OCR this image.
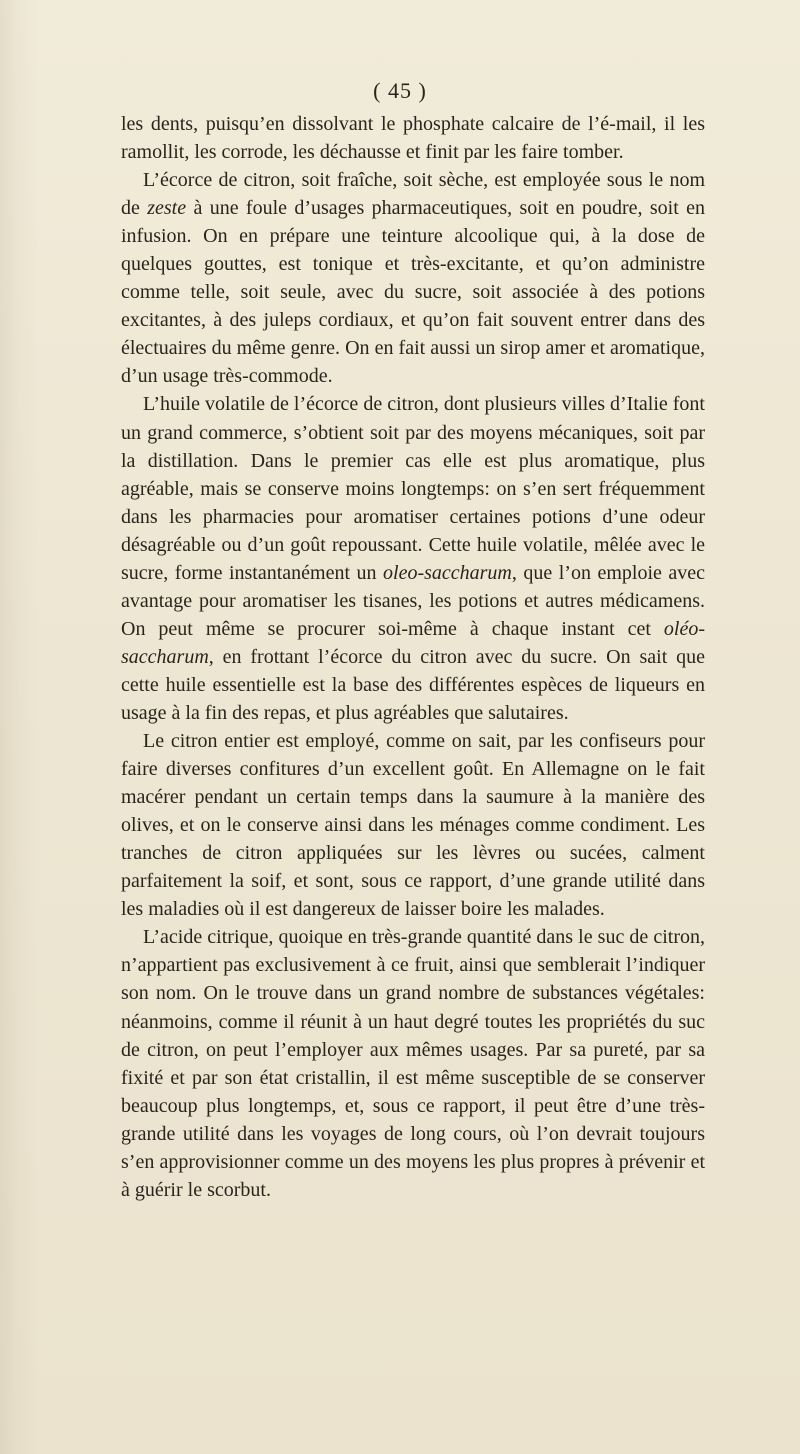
( 45 )

les dents, puisqu’en dissolvant le phosphate calcaire de l’é-mail, il les ramollit, les corrode, les déchausse et finit par les faire tomber.

L’écorce de citron, soit fraîche, soit sèche, est employée sous le nom de zeste à une foule d’usages pharmaceutiques, soit en poudre, soit en infusion. On en prépare une teinture alcoolique qui, à la dose de quelques gouttes, est tonique et très-excitante, et qu’on administre comme telle, soit seule, avec du sucre, soit associée à des potions excitantes, à des juleps cordiaux, et qu’on fait souvent entrer dans des électuaires du même genre. On en fait aussi un sirop amer et aromatique, d’un usage très-commode.

L’huile volatile de l’écorce de citron, dont plusieurs villes d’Italie font un grand commerce, s’obtient soit par des moyens mécaniques, soit par la distillation. Dans le premier cas elle est plus aromatique, plus agréable, mais se conserve moins longtemps: on s’en sert fréquemment dans les pharmacies pour aromatiser certaines potions d’une odeur désagréable ou d’un goût repoussant. Cette huile volatile, mêlée avec le sucre, forme instantanément un oleo-saccharum, que l’on emploie avec avantage pour aromatiser les tisanes, les potions et autres médicamens. On peut même se procurer soi-même à chaque instant cet oléo-saccharum, en frottant l’écorce du citron avec du sucre. On sait que cette huile essentielle est la base des différentes espèces de liqueurs en usage à la fin des repas, et plus agréables que salutaires.

Le citron entier est employé, comme on sait, par les confiseurs pour faire diverses confitures d’un excellent goût. En Allemagne on le fait macérer pendant un certain temps dans la saumure à la manière des olives, et on le conserve ainsi dans les ménages comme condiment. Les tranches de citron appliquées sur les lèvres ou sucées, calment parfaitement la soif, et sont, sous ce rapport, d’une grande utilité dans les maladies où il est dangereux de laisser boire les malades.

L’acide citrique, quoique en très-grande quantité dans le suc de citron, n’appartient pas exclusivement à ce fruit, ainsi que semblerait l’indiquer son nom. On le trouve dans un grand nombre de substances végétales: néanmoins, comme il réunit à un haut degré toutes les propriétés du suc de citron, on peut l’employer aux mêmes usages. Par sa pureté, par sa fixité et par son état cristallin, il est même susceptible de se conserver beaucoup plus longtemps, et, sous ce rapport, il peut être d’une très-grande utilité dans les voyages de long cours, où l’on devrait toujours s’en approvisionner comme un des moyens les plus propres à prévenir et à guérir le scorbut.
